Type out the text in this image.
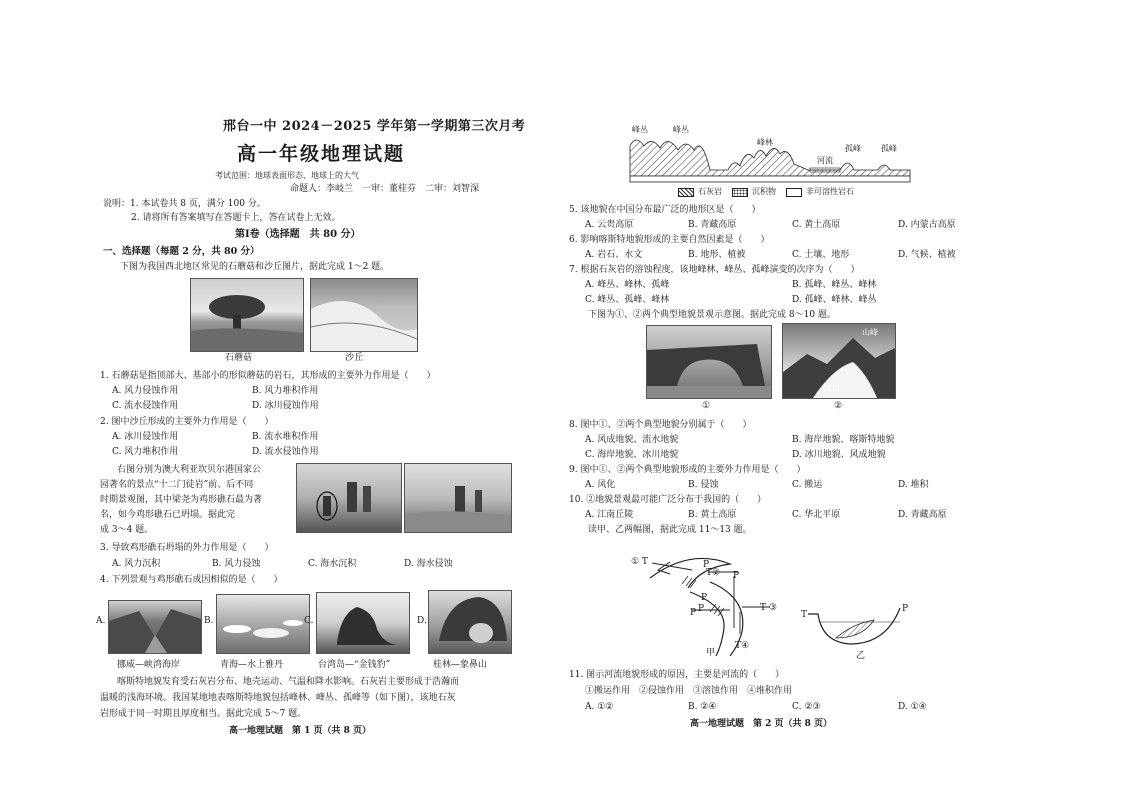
邢台一中 2024－2025 学年第一学期第三次月考
高一年级地理试题
考试范围：地球表面形态、地球上的大气
命题人：李岐兰　一审：董桂芬　二审：刘智深
说明：1. 本试卷共 8 页，满分 100 分。
2. 请将所有答案填写在答题卡上，答在试卷上无效。
第Ⅰ卷（选择题　共 80 分）
一、选择题（每题 2 分，共 80 分）
下图为我国西北地区常见的石蘑菇和沙丘图片，据此完成 1～2 题。
石蘑菇	沙丘
1. 石蘑菇是指顶部大、基部小的形似蘑菇的岩石，其形成的主要外力作用是（　　）
A. 风力侵蚀作用	B. 风力堆积作用
C. 流水侵蚀作用	D. 冰川侵蚀作用
2. 图中沙丘形成的主要外力作用是（　　）
A. 冰川侵蚀作用	B. 流水堆积作用
C. 风力堆积作用	D. 流水侵蚀作用
右图分别为澳大利亚坎贝尔港国家公
园著名的景点“十二门徒岩”前、后不同
时期景观图，其中梁尧为鸡形礁石最为著
名，如今鸡形礁石已坍塌。据此完
成 3～4 题。
3. 导致鸡形礁石坍塌的外力作用是（　　）
A. 风力沉积	B. 风力侵蚀	C. 海水沉积	D. 海水侵蚀
4. 下列景观与鸡形礁石成因相似的是（　　）
A.	B.	C.	D.
挪威—峡湾海岸	青海—水上雅丹	台湾岛—“金钱豹”	桂林—象鼻山
喀斯特地貌发育受石灰岩分布、地壳运动、气温和降水影响。石灰岩主要形成于浩瀚而
温暖的浅海环境。我国某地地表喀斯特地貌包括峰林、峰丛、孤峰等（如下图），该地石灰
岩形成于同一时期且厚度相当。据此完成 5～7 题。
高一地理试题　第 1 页（共 8 页）
峰丛	峰丛
峰林
孤峰	孤峰
河流
石灰岩	沉积物	非可溶性岩石
5. 该地貌在中国分布最广泛的地形区是（　　）
A. 云贵高原	B. 青藏高原	C. 黄土高原	D. 内蒙古高原
6. 影响喀斯特地貌形成的主要自然因素是（　　）
A. 岩石、水文	B. 地形、植被	C. 土壤、地形	D. 气候、植被
7. 根据石灰岩的溶蚀程度，该地峰林、峰丛、孤峰演变的次序为（　　）
A. 峰丛、峰林、孤峰	B. 孤峰、峰丛、峰林
C. 峰丛、孤峰、峰林	D. 孤峰、峰林、峰丛
下图为①、②两个典型地貌景观示意图。据此完成 8～10 题。
山峰
冰川
①	②
8. 图中①、②两个典型地貌分别属于（　　）
A. 风成地貌、流水地貌	B. 海岸地貌、喀斯特地貌
C. 海岸地貌、冰川地貌	D. 冰川地貌、风成地貌
9. 图中①、②两个典型地貌形成的主要外力作用是（　　）
A. 风化	B. 侵蚀	C. 搬运	D. 堆积
10. ②地貌景观最可能广泛分布于我国的（　　）
A. 江南丘陵	B. 黄土高原	C. 华北平原	D. 青藏高原
读甲、乙两幅图，据此完成 11～13 题。
① T	P
T② P
P
P P	T ③
T④
甲
T
P
乙
11. 图示河流地貌形成的原因，主要是河流的（　　）
①搬运作用　②侵蚀作用　③溶蚀作用　④堆积作用
A. ①②	B. ②④	C. ②③	D. ①④
高一地理试题　第 2 页（共 8 页）
